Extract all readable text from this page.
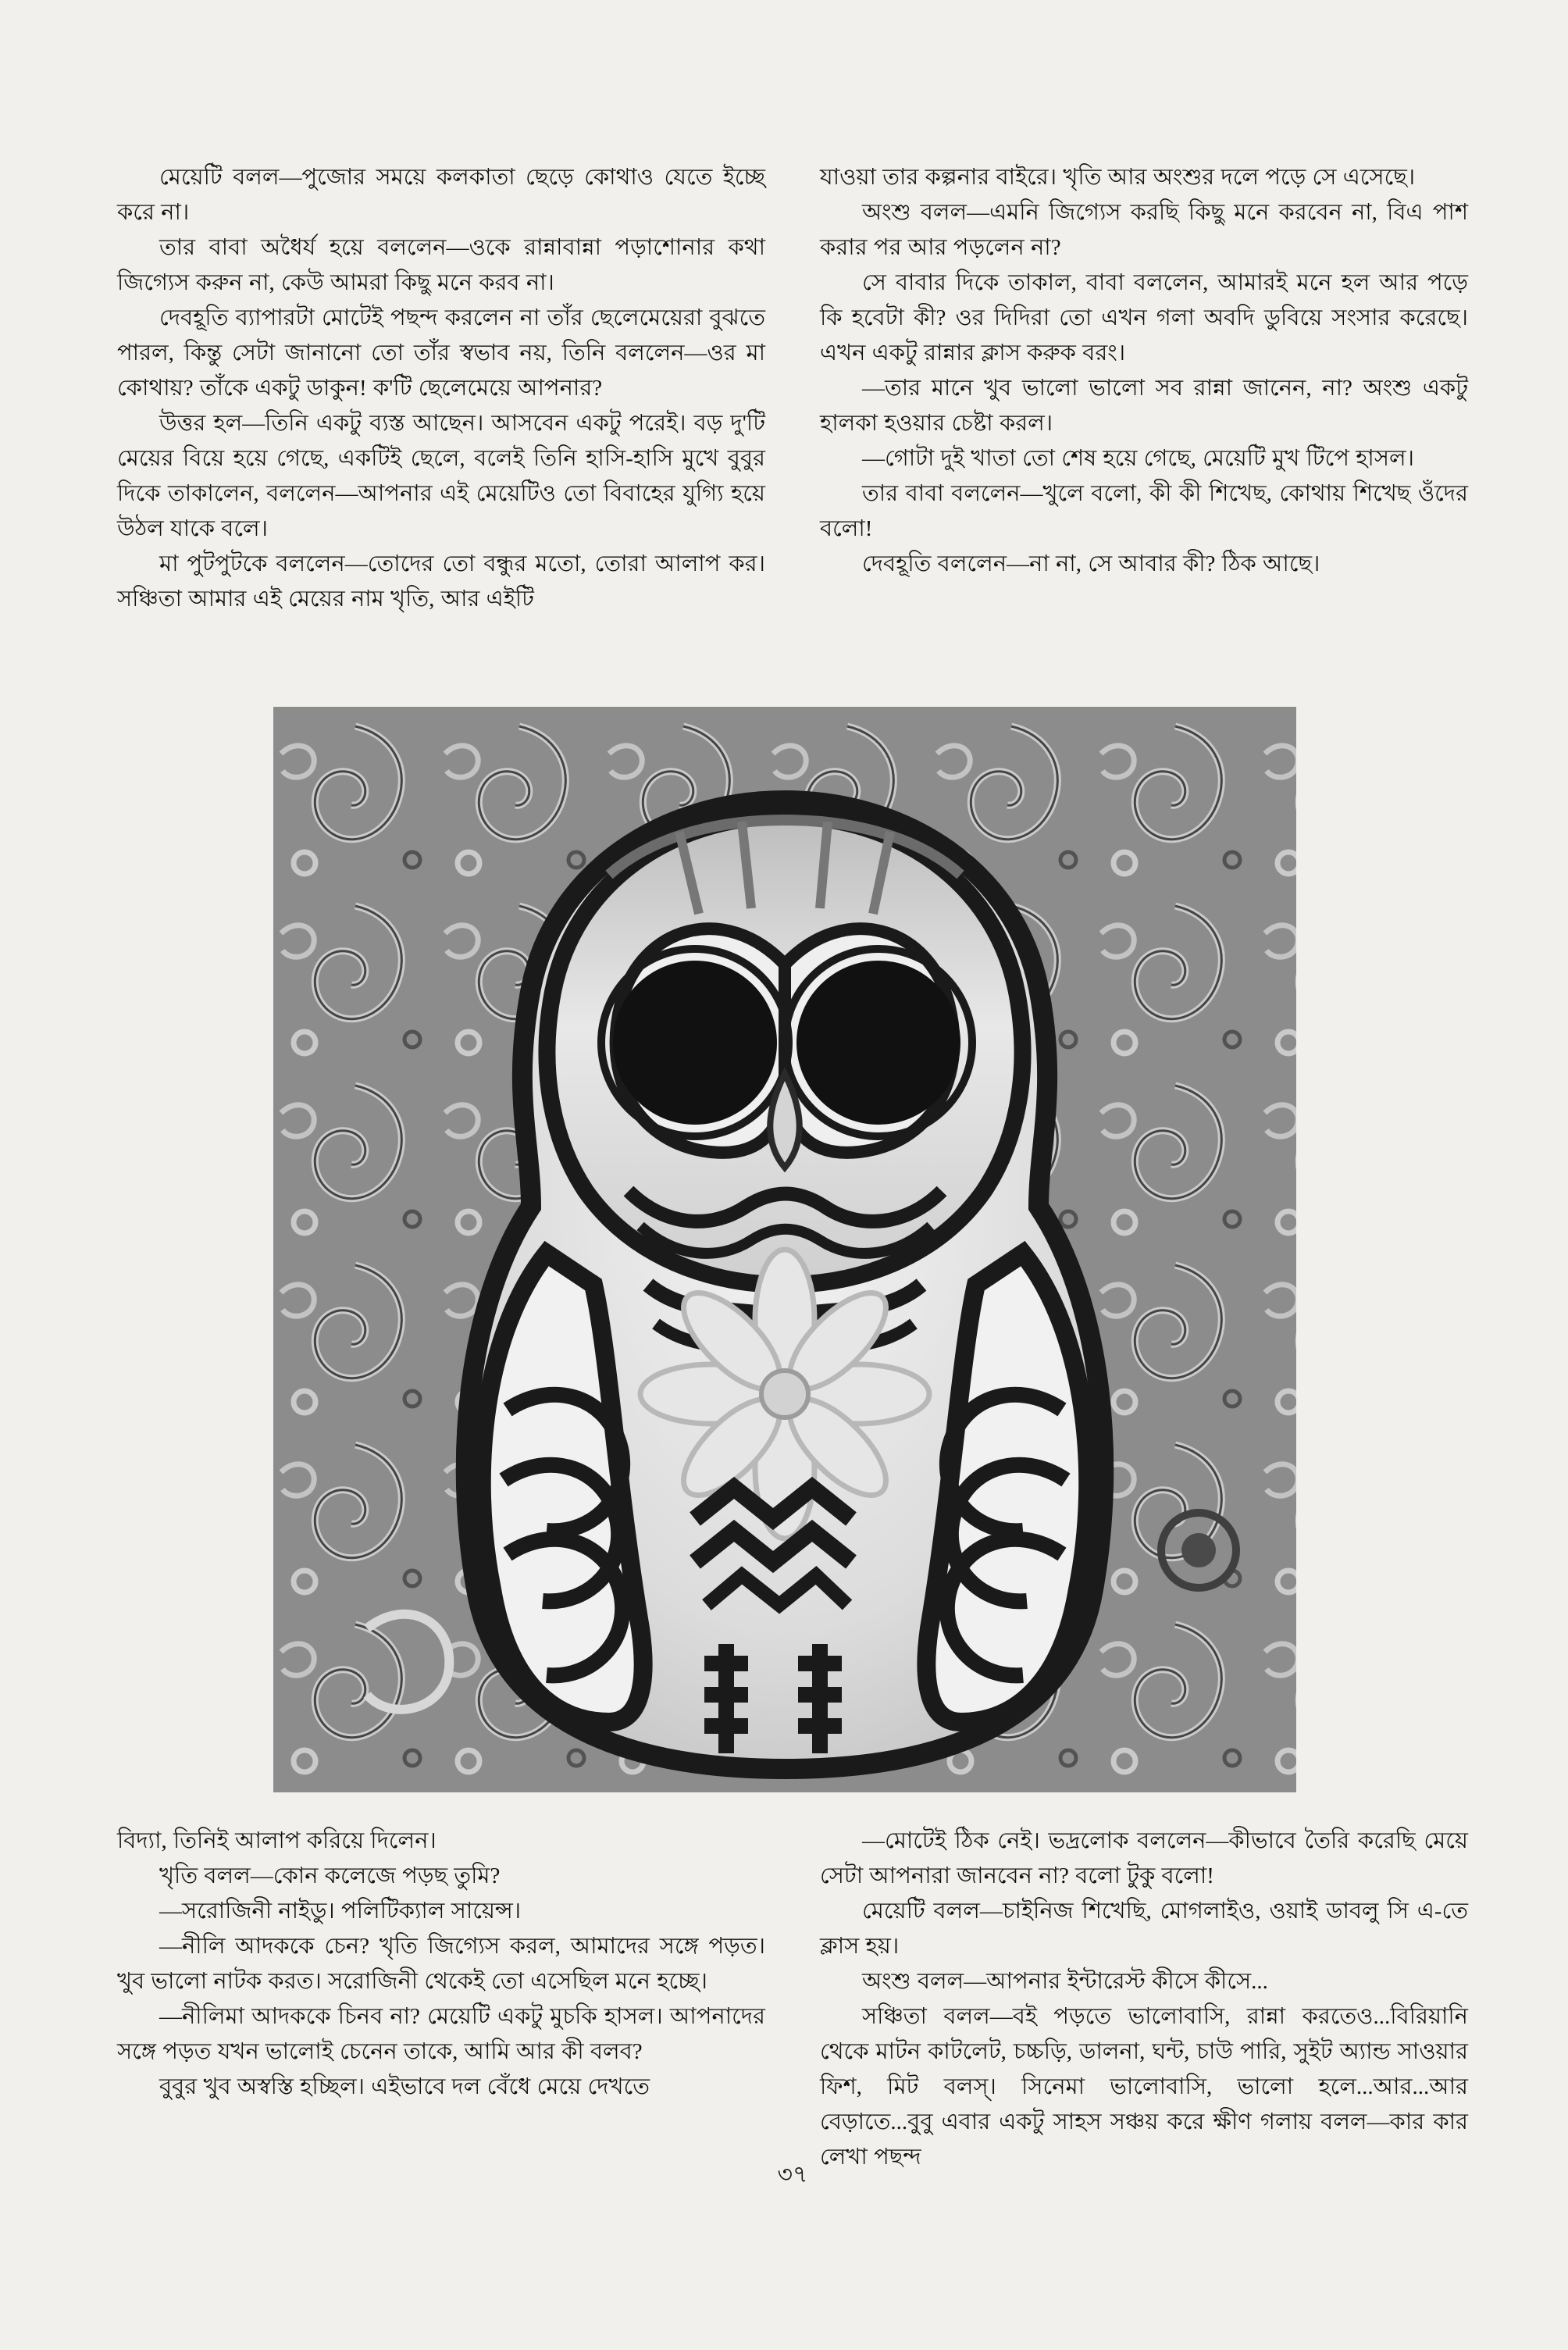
মেয়েটি বলল—পুজোর সময়ে কলকাতা ছেড়ে কোথাও যেতে ইচ্ছে করে না।

তার বাবা অধৈর্য হয়ে বললেন—ওকে রান্নাবান্না পড়াশোনার কথা জিগ্যেস করুন না, কেউ আমরা কিছু মনে করব না।

দেবহূতি ব্যাপারটা মোটেই পছন্দ করলেন না তাঁর ছেলেমেয়েরা বুঝতে পারল, কিন্তু সেটা জানানো তো তাঁর স্বভাব নয়, তিনি বললেন—ওর মা কোথায়? তাঁকে একটু ডাকুন! ক'টি ছেলেমেয়ে আপনার?

উত্তর হল—তিনি একটু ব্যস্ত আছেন। আসবেন একটু পরেই। বড় দু'টি মেয়ের বিয়ে হয়ে গেছে, একটিই ছেলে, বলেই তিনি হাসি-হাসি মুখে বুবুর দিকে তাকালেন, বললেন—আপনার এই মেয়েটিও তো বিবাহের যুগ্যি হয়ে উঠল যাকে বলে।

মা পুটপুটকে বললেন—তোদের তো বন্ধুর মতো, তোরা আলাপ কর। সঞ্চিতা আমার এই মেয়ের নাম খৃতি, আর এইটি

যাওয়া তার কল্পনার বাইরে। খৃতি আর অংশুর দলে পড়ে সে এসেছে।

অংশু বলল—এমনি জিগ্যেস করছি কিছু মনে করবেন না, বিএ পাশ করার পর আর পড়লেন না?

সে বাবার দিকে তাকাল, বাবা বললেন, আমারই মনে হল আর পড়ে কি হবেটা কী? ওর দিদিরা তো এখন গলা অবদি ডুবিয়ে সংসার করেছে। এখন একটু রান্নার ক্লাস করুক বরং।

—তার মানে খুব ভালো ভালো সব রান্না জানেন, না? অংশু একটু হালকা হওয়ার চেষ্টা করল।

—গোটা দুই খাতা তো শেষ হয়ে গেছে, মেয়েটি মুখ টিপে হাসল।

তার বাবা বললেন—খুলে বলো, কী কী শিখেছ, কোথায় শিখেছ ওঁদের বলো!

দেবহূতি বললেন—না না, সে আবার কী? ঠিক আছে।

বিদ্যা, তিনিই আলাপ করিয়ে দিলেন।

খৃতি বলল—কোন কলেজে পড়ছ তুমি?

—সরোজিনী নাইডু। পলিটিক্যাল সায়েন্স।

—নীলি আদককে চেন? খৃতি জিগ্যেস করল, আমাদের সঙ্গে পড়ত। খুব ভালো নাটক করত। সরোজিনী থেকেই তো এসেছিল মনে হচ্ছে।

—নীলিমা আদককে চিনব না? মেয়েটি একটু মুচকি হাসল। আপনাদের সঙ্গে পড়ত যখন ভালোই চেনেন তাকে, আমি আর কী বলব?

বুবুর খুব অস্বস্তি হচ্ছিল। এইভাবে দল বেঁধে মেয়ে দেখতে

—মোটেই ঠিক নেই। ভদ্রলোক বললেন—কীভাবে তৈরি করেছি মেয়ে সেটা আপনারা জানবেন না? বলো টুকু বলো!

মেয়েটি বলল—চাইনিজ শিখেছি, মোগলাইও, ওয়াই ডাবলু সি এ-তে ক্লাস হয়।

অংশু বলল—আপনার ইন্টারেস্ট কীসে কীসে...

সঞ্চিতা বলল—বই পড়তে ভালোবাসি, রান্না করতেও...বিরিয়ানি থেকে মাটন কাটলেট, চচ্চড়ি, ডালনা, ঘন্ট, চাউ পারি, সুইট অ্যান্ড সাওয়ার ফিশ, মিট বলস্‌। সিনেমা ভালোবাসি, ভালো হলে...আর...আর বেড়াতে...বুবু এবার একটু সাহস সঞ্চয় করে ক্ষীণ গলায় বলল—কার কার লেখা পছন্দ

৩৭
